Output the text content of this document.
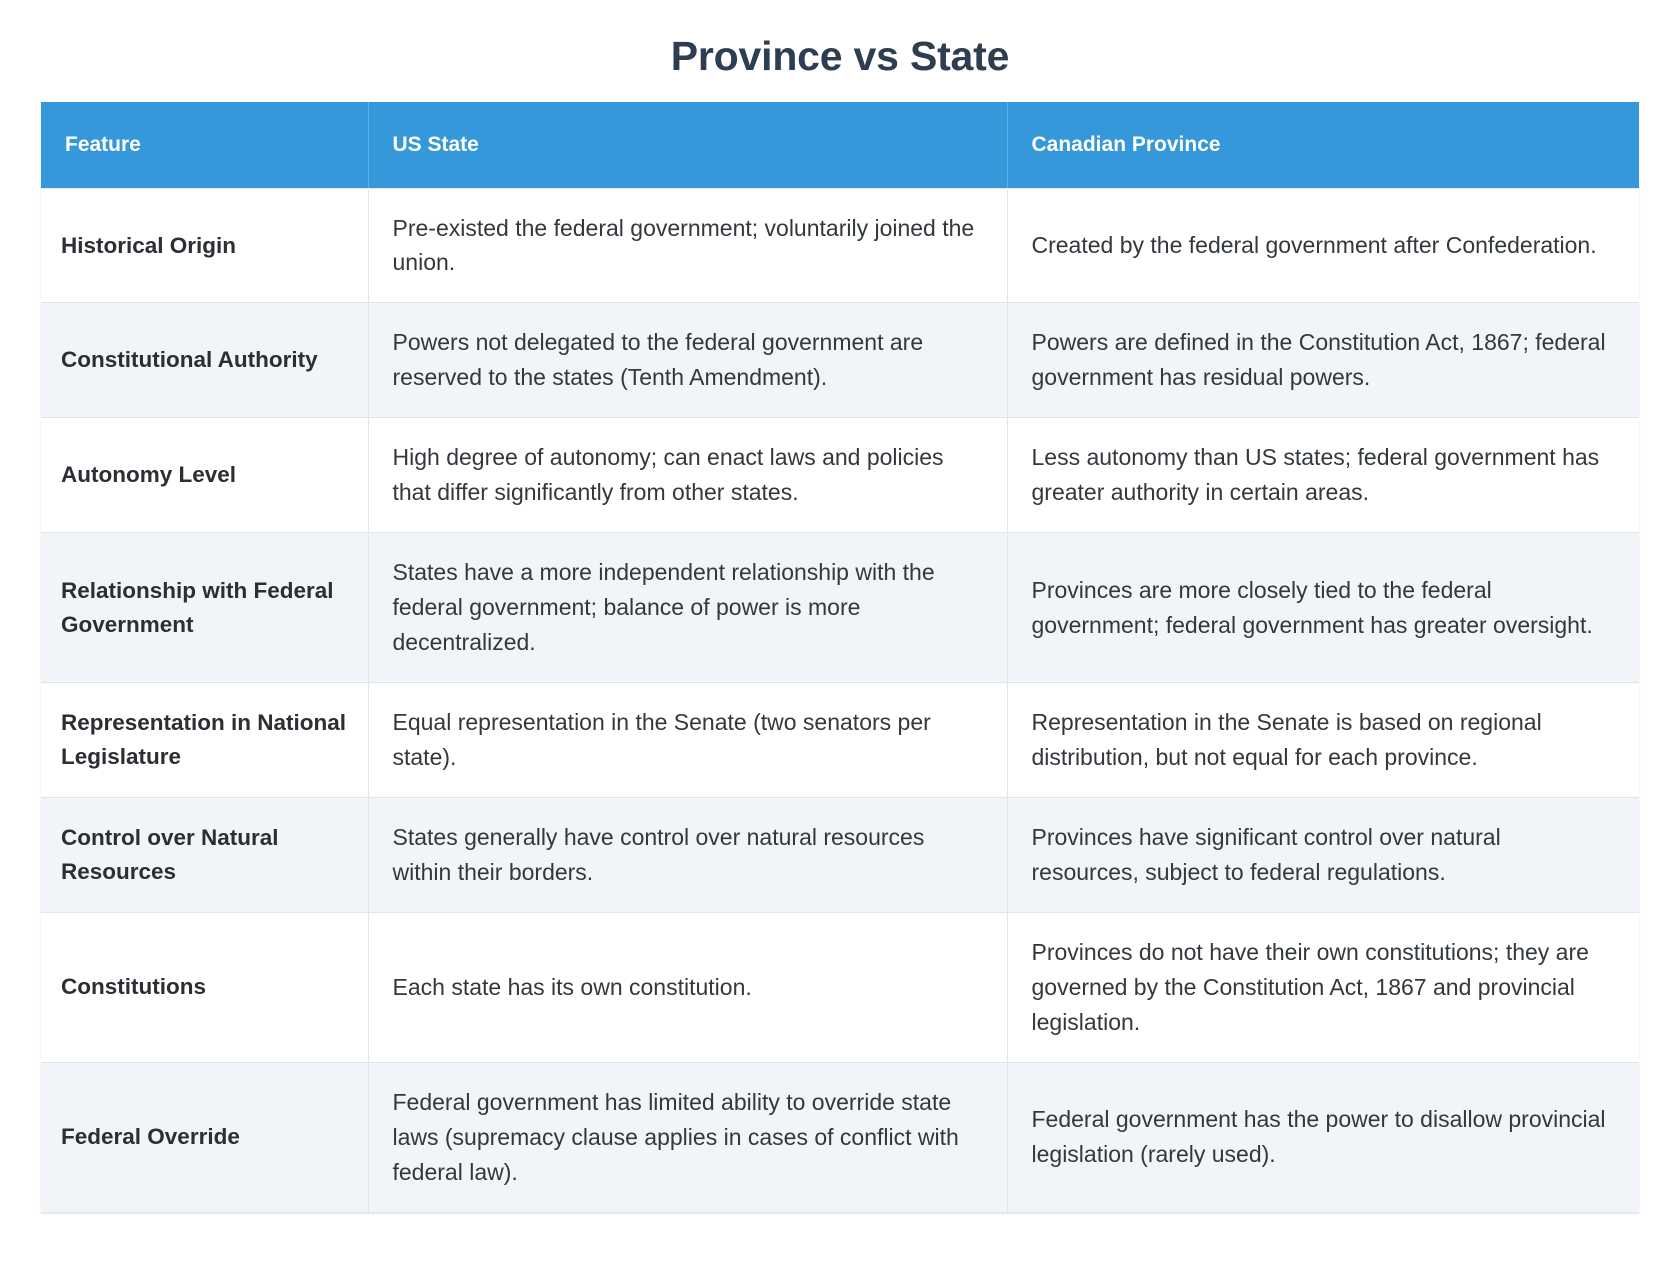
Province vs State
Feature	US State	Canadian Province
Historical Origin	Pre-existed the federal government; voluntarily joined the union.	Created by the federal government after Confederation.
Constitutional Authority	Powers not delegated to the federal government are reserved to the states (Tenth Amendment).	Powers are defined in the Constitution Act, 1867; federal government has residual powers.
Autonomy Level	High degree of autonomy; can enact laws and policies that differ significantly from other states.	Less autonomy than US states; federal government has greater authority in certain areas.
Relationship with Federal Government	States have a more independent relationship with the federal government; balance of power is more decentralized.	Provinces are more closely tied to the federal government; federal government has greater oversight.
Representation in National Legislature	Equal representation in the Senate (two senators per state).	Representation in the Senate is based on regional distribution, but not equal for each province.
Control over Natural Resources	States generally have control over natural resources within their borders.	Provinces have significant control over natural resources, subject to federal regulations.
Constitutions	Each state has its own constitution.	Provinces do not have their own constitutions; they are governed by the Constitution Act, 1867 and provincial legislation.
Federal Override	Federal government has limited ability to override state laws (supremacy clause applies in cases of conflict with federal law).	Federal government has the power to disallow provincial legislation (rarely used).
